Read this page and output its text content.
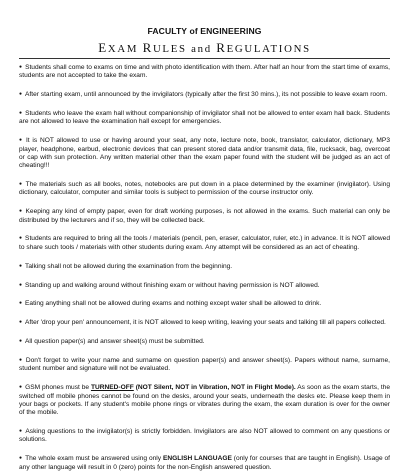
FACULTY of ENGINEERING
EXAM RULES and REGULATIONS
● Students shall come to exams on time and with photo identification with them. After half an hour from the start time of exams, students are not accepted to take the exam.
● After starting exam, until announced by the invigilators (typically after the first 30 mins.), its not possible to leave exam room.
● Students who leave the exam hall without companionship of invigilator shall not be allowed to enter exam hall back. Students are not allowed to leave the examination hall except for emergencies.
● It is NOT allowed to use or having around your seat, any note, lecture note, book, translator, calculator, dictionary, MP3 player, headphone, earbud, electronic devices that can present stored data and/or transmit data, file, rucksack, bag, overcoat or cap with sun protection. Any written material other than the exam paper found with the student will be judged as an act of cheating!!!
● The materials such as all books, notes, notebooks are put down in a place determined by the examiner (invigilator). Using dictionary, calculator, computer and similar tools is subject to permission of the course instructor only.
● Keeping any kind of empty paper, even for draft working purposes, is not allowed in the exams. Such material can only be distributed by the lecturers and if so, they will be collected back.
● Students are required to bring all the tools / materials (pencil, pen, eraser, calculator, ruler, etc.) in advance. It is NOT allowed to share such tools / materials with other students during exam. Any attempt will be considered as an act of cheating.
● Talking shall not be allowed during the examination from the beginning.
● Standing up and walking around without finishing exam or without having permission is NOT allowed.
● Eating anything shall not be allowed during exams and nothing except water shall be allowed to drink.
● After 'drop your pen' announcement, it is NOT allowed to keep writing, leaving your seats and talking till all papers collected.
● All question paper(s) and answer sheet(s) must be submitted.
● Don't forget to write your name and surname on question paper(s) and answer sheet(s). Papers without name, surname, student number and signature will not be evaluated.
● GSM phones must be TURNED-OFF (NOT Silent, NOT in Vibration, NOT in Flight Mode). As soon as the exam starts, the switched off mobile phones cannot be found on the desks, around your seats, underneath the desks etc. Please keep them in your bags or pockets. If any student's mobile phone rings or vibrates during the exam, the exam duration is over for the owner of the mobile.
● Asking questions to the invigilator(s) is strictly forbidden. Invigilators are also NOT allowed to comment on any questions or solutions.
● The whole exam must be answered using only ENGLISH LANGUAGE (only for courses that are taught in English). Usage of any other language will result in 0 (zero) points for the non-English answered question.
